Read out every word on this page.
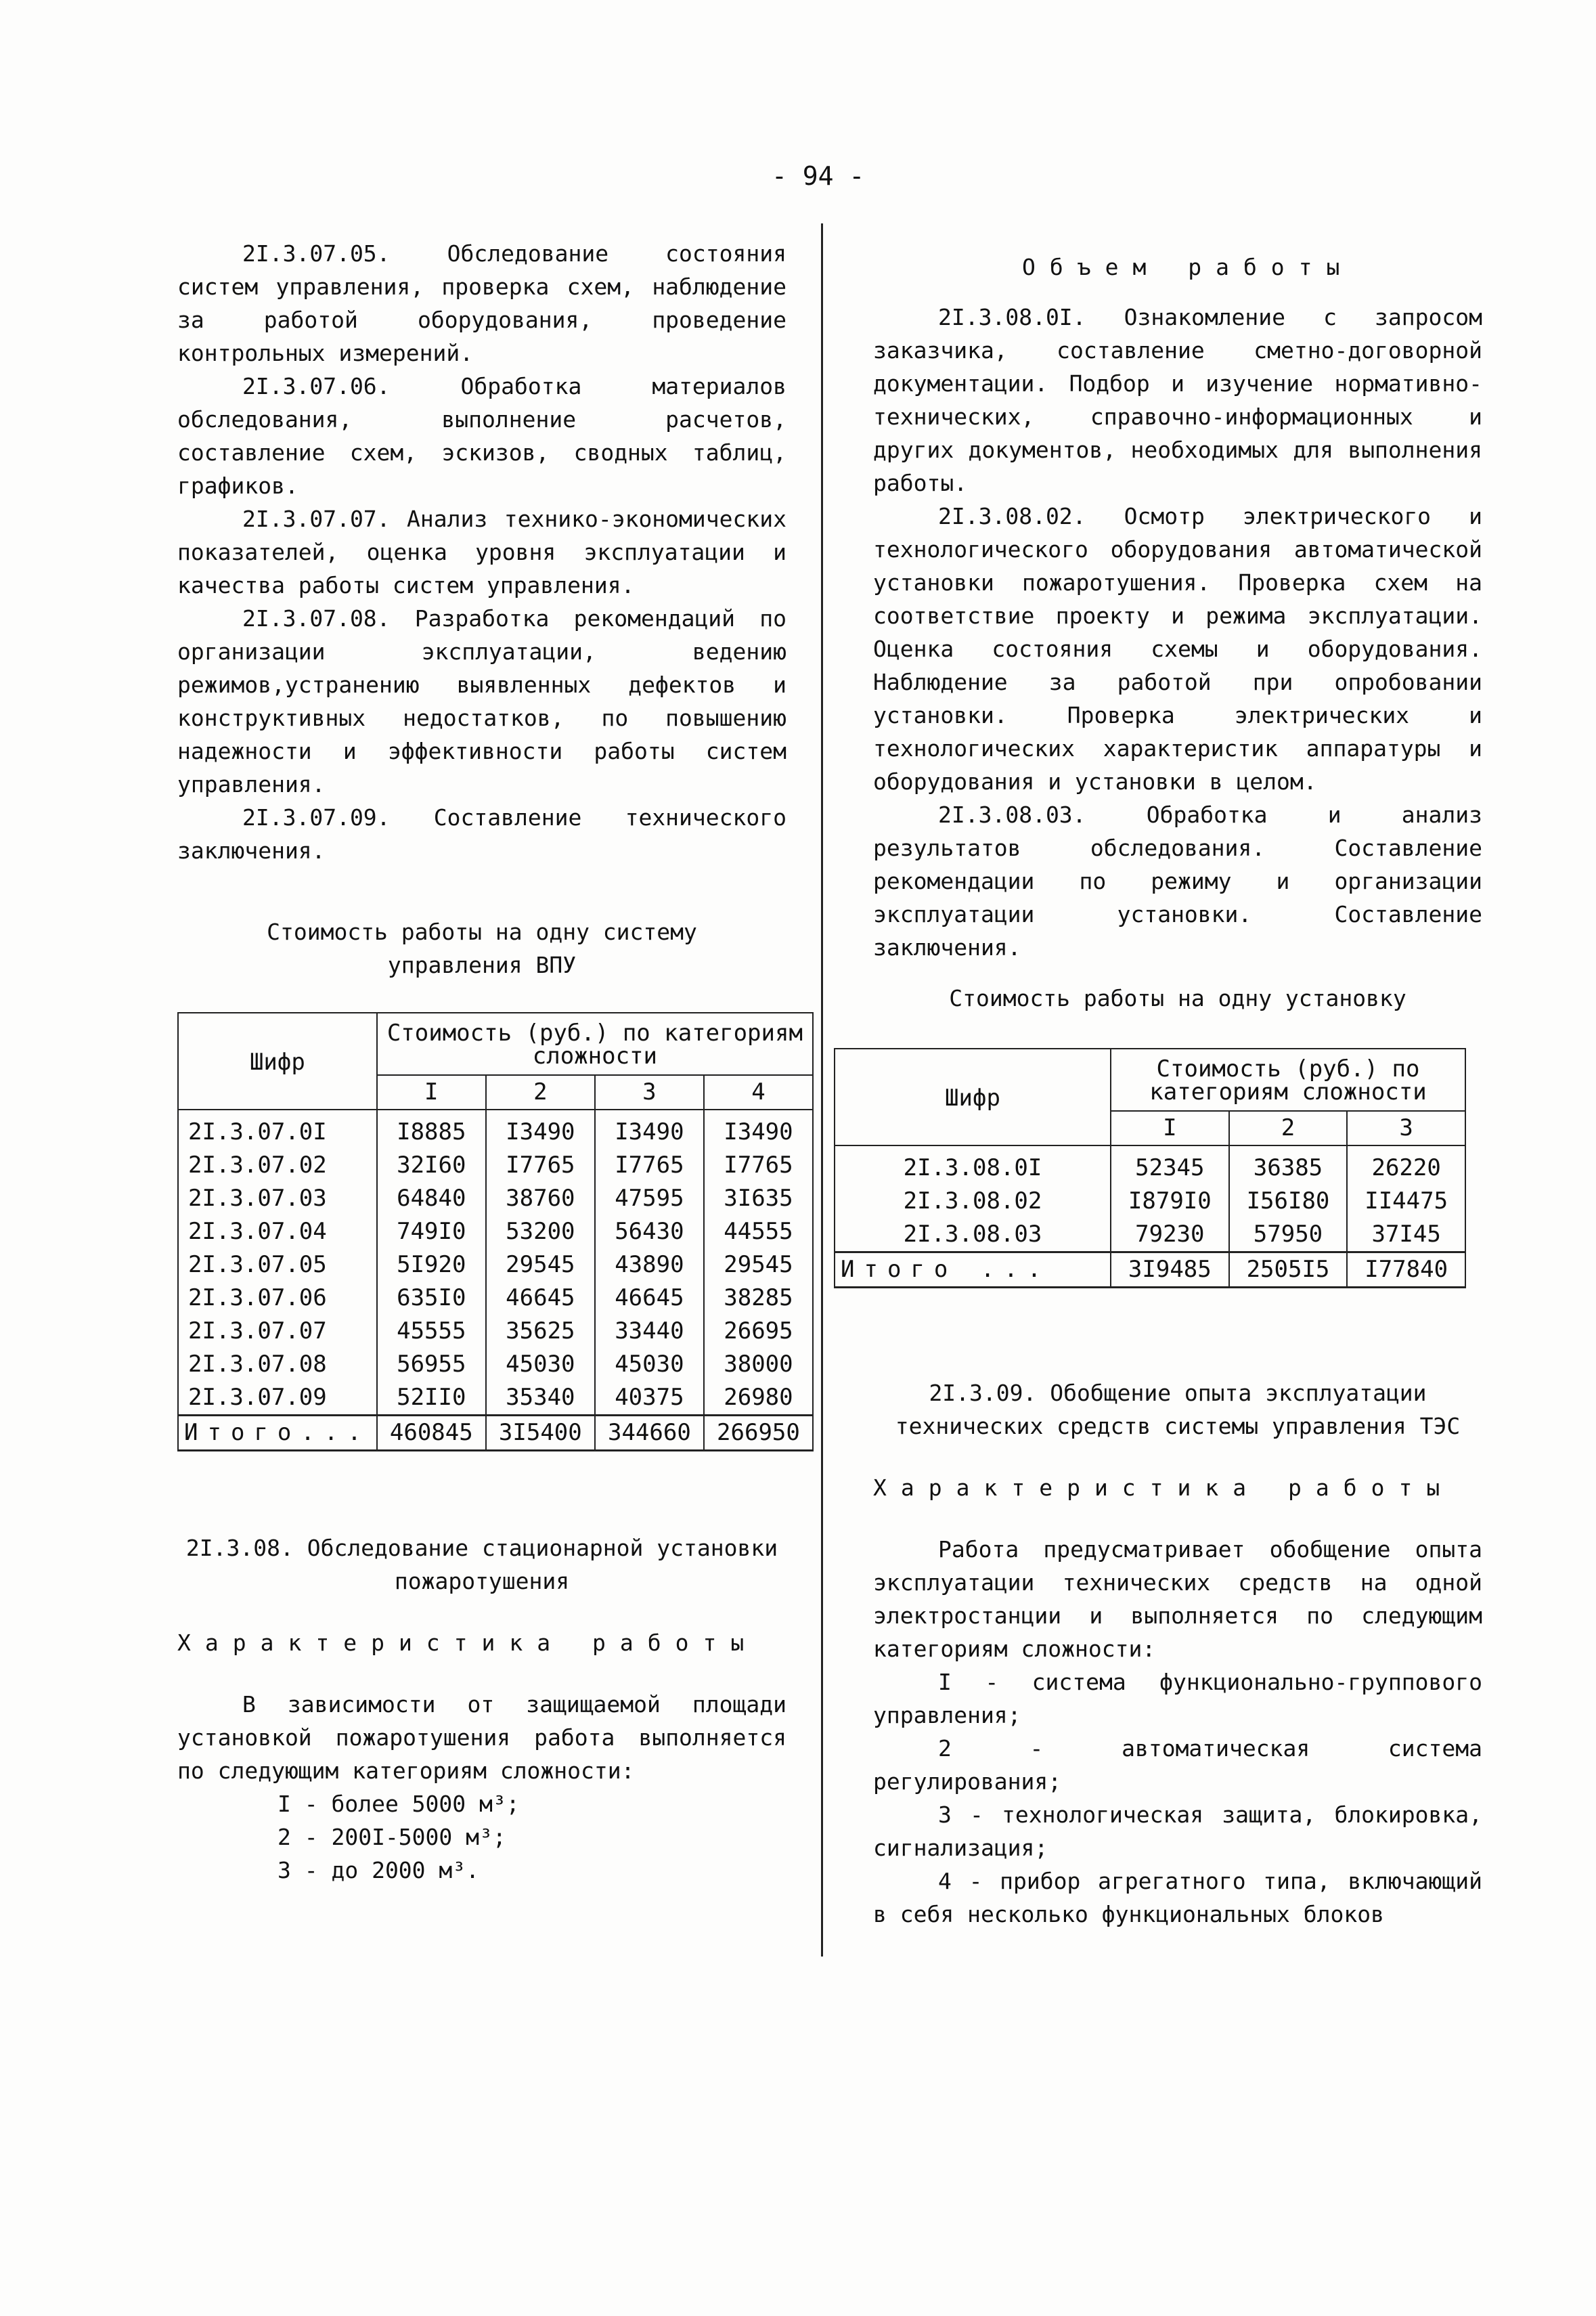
- 94 -

2I.3.07.05. Обследование состояния систем управления, проверка схем, наблюдение за работой оборудования, проведение контрольных измерений.

2I.3.07.06. Обработка материалов обследования, выполнение расчетов, составление схем, эскизов, сводных таблиц, графиков.

2I.3.07.07. Анализ технико-экономических показателей, оценка уровня эксплуатации и качества работы систем управления.

2I.3.07.08. Разработка рекомендаций по организации эксплуатации, ведению режимов,устранению выявленных дефектов и конструктивных недостатков, по повышению надежности и эффективности работы систем управления.

2I.3.07.09. Составление технического заключения.

Стоимость работы на одну систему

управления ВПУ

Шифр	Стоимость (руб.) по категориям сложности			
	I	2	3	4
2I.3.07.0I	I8885	I3490	I3490	I3490
2I.3.07.02	32I60	I7765	I7765	I7765
2I.3.07.03	64840	38760	47595	3I635
2I.3.07.04	749I0	53200	56430	44555
2I.3.07.05	5I920	29545	43890	29545
2I.3.07.06	635I0	46645	46645	38285
2I.3.07.07	45555	35625	33440	26695
2I.3.07.08	56955	45030	45030	38000
2I.3.07.09	52II0	35340	40375	26980
Итого...	460845	3I5400	344660	266950

2I.3.08. Обследование стационарной установки

пожаротушения

Характеристика работы

В зависимости от защищаемой площади установкой пожаротушения работа выполняется по следующим категориям сложности:

I - более 5000 м³;
2 - 200I-5000 м³;
3 - до 2000 м³.

Объем работы

2I.3.08.0I. Ознакомление с запросом заказчика, составление сметно-договорной документации. Подбор и изучение нормативно-технических, справочно-информационных и других документов, необходимых для выполнения работы.

2I.3.08.02. Осмотр электрического и технологического оборудования автоматической установки пожаротушения. Проверка схем на соответствие проекту и режима эксплуатации. Оценка состояния схемы и оборудования. Наблюдение за работой при опробовании установки. Проверка электрических и технологических характеристик аппаратуры и оборудования и установки в целом.

2I.3.08.03. Обработка и анализ результатов обследования. Составление рекомендации по режиму и организации эксплуатации установки. Составление заключения.

Стоимость работы на одну установку

Шифр	Стоимость (руб.) по категориям сложности		
	I	2	3
2I.3.08.0I	52345	36385	26220
2I.3.08.02	I879I0	I56I80	II4475
2I.3.08.03	79230	57950	37I45
Итого ...	3I9485	2505I5	I77840

2I.3.09. Обобщение опыта эксплуатации

технических средств системы управления ТЭС

Характеристика работы

Работа предусматривает обобщение опыта эксплуатации технических средств на одной электростанции и выполняется по следующим категориям сложности:

I - система функционально-группового управления;

2 - автоматическая система регулирования;

3 - технологическая защита, блокировка, сигнализация;

4 - прибор агрегатного типа, включающий в себя несколько функциональных блоков
